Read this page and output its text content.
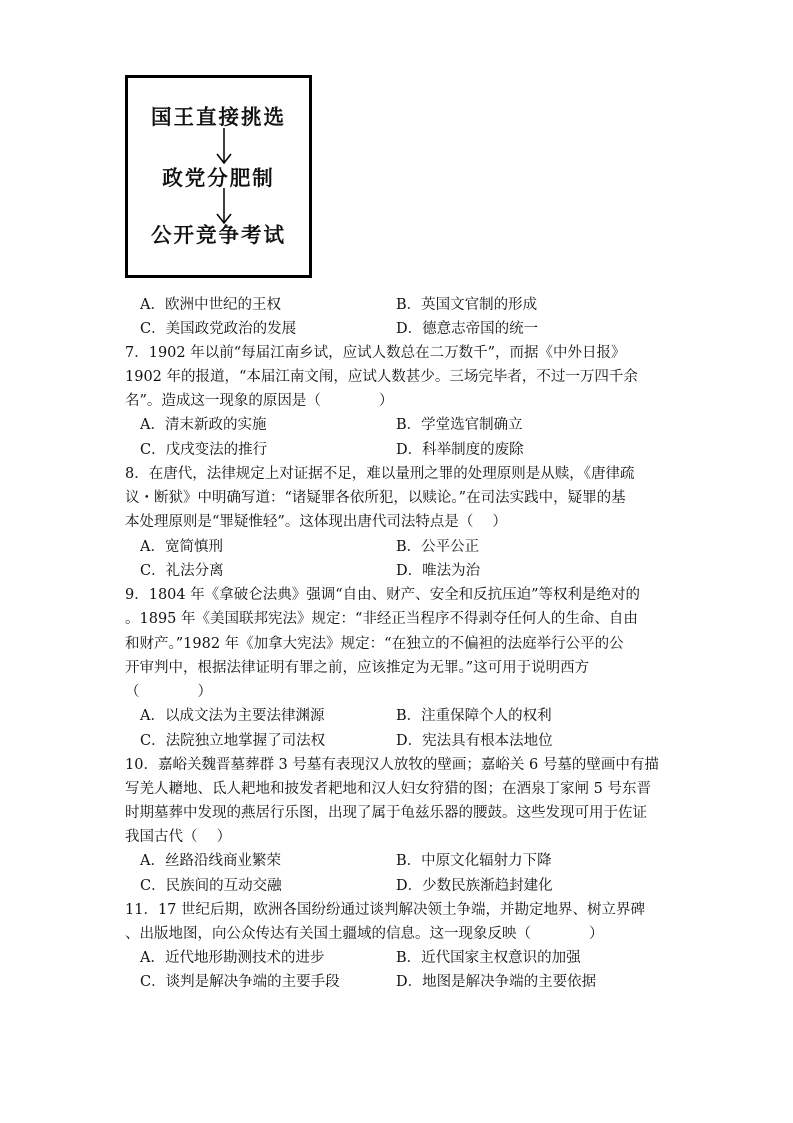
国王直接挑选
政党分肥制
公开竞争考试
A．欧洲中世纪的王权	B．英国文官制的形成
C．美国政党政治的发展	D．德意志帝国的统一
7．1902 年以前“每届江南乡试，应试人数总在二万数千”，而据《中外日报》
1902 年的报道，“本届江南文闱，应试人数甚少。三场完毕者，不过一万四千余
名”。造成这一现象的原因是（　　　　）
A．清末新政的实施	B．学堂选官制确立
C．戊戌变法的推行	D．科举制度的废除
8．在唐代，法律规定上对证据不足，难以量刑之罪的处理原则是从赎，《唐律疏
议・断狱》中明确写道：“诸疑罪各依所犯，以赎论。”在司法实践中，疑罪的基
本处理原则是“罪疑惟轻”。这体现出唐代司法特点是（　 ）
A．宽简慎刑	B．公平公正
C．礼法分离	D．唯法为治
9．1804 年《拿破仑法典》强调“自由、财产、安全和反抗压迫”等权利是绝对的
。1895 年《美国联邦宪法》规定：“非经正当程序不得剥夺任何人的生命、自由
和财产。”1982 年《加拿大宪法》规定：“在独立的不偏袒的法庭举行公平的公
开审判中，根据法律证明有罪之前，应该推定为无罪。”这可用于说明西方
（　　　　）
A．以成文法为主要法律渊源	B．注重保障个人的权利
C．法院独立地掌握了司法权	D．宪法具有根本法地位
10．嘉峪关魏晋墓葬群 3 号墓有表现汉人放牧的壁画；嘉峪关 6 号墓的壁画中有描
写羌人耱地、氐人耙地和披发者耙地和汉人妇女狩猎的图；在酒泉丁家闸 5 号东晋
时期墓葬中发现的燕居行乐图，出现了属于龟兹乐器的腰鼓。这些发现可用于佐证
我国古代（　 ）
A．丝路沿线商业繁荣	B．中原文化辐射力下降
C．民族间的互动交融	D．少数民族渐趋封建化
11．17 世纪后期，欧洲各国纷纷通过谈判解决领土争端，并勘定地界、树立界碑
、出版地图，向公众传达有关国土疆域的信息。这一现象反映（　　　　）
A．近代地形勘测技术的进步	B．近代国家主权意识的加强
C．谈判是解决争端的主要手段	D．地图是解决争端的主要依据
